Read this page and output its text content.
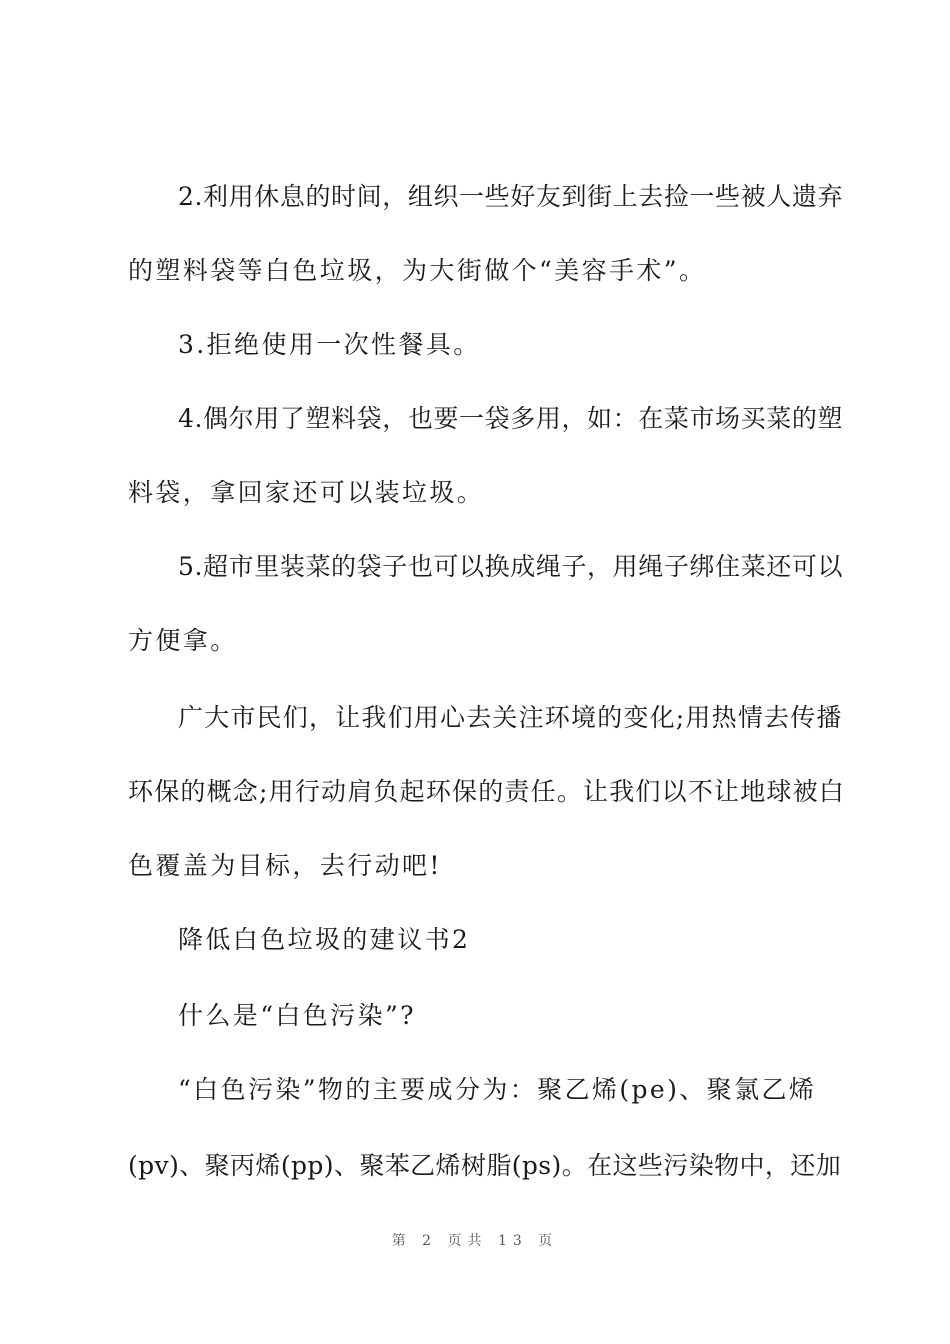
2.利用休息的时间，组织一些好友到街上去捡一些被人遗弃
的塑料袋等白色垃圾，为大街做个“美容手术”。
3.拒绝使用一次性餐具。
4.偶尔用了塑料袋，也要一袋多用，如：在菜市场买菜的塑
料袋，拿回家还可以装垃圾。
5.超市里装菜的袋子也可以换成绳子，用绳子绑住菜还可以
方便拿。
广大市民们，让我们用心去关注环境的变化;用热情去传播
环保的概念;用行动肩负起环保的责任。让我们以不让地球被白
色覆盖为目标，去行动吧!
降低白色垃圾的建议书2
什么是“白色污染”?
“白色污染”物的主要成分为：聚乙烯(pe)、聚氯乙烯
(pv)、聚丙烯(pp)、聚苯乙烯树脂(ps)。在这些污染物中，还加
第 2 页共 13 页
